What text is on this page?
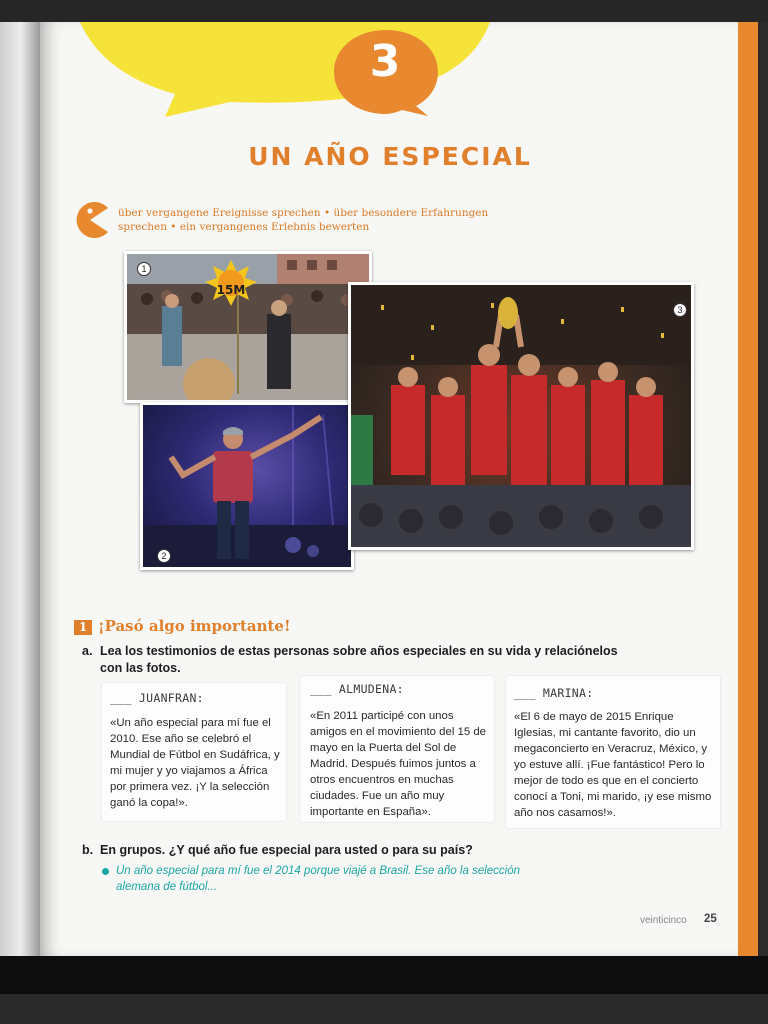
3
UN AÑO ESPECIAL
über vergangene Ereignisse sprechen • über besondere Erfahrungen sprechen • ein vergangenes Erlebnis bewerten
15M
1
2
3
1 ¡Pasó algo importante!
a. Lea los testimonios de estas personas sobre años especiales en su vida y relaciónelos con las fotos.
___ JUANFRAN:
«Un año especial para mí fue el 2010. Ese año se celebró el Mundial de Fútbol en Sudáfrica, y mi mujer y yo viajamos a África por primera vez. ¡Y la selección ganó la copa!».
___ ALMUDENA:
«En 2011 participé con unos amigos en el movimiento del 15 de mayo en la Puerta del Sol de Madrid. Después fuimos juntos a otros encuentros en muchas ciudades. Fue un año muy importante en España».
___ MARINA:
«El 6 de mayo de 2015 Enrique Iglesias, mi cantante favorito, dio un megaconcierto en Veracruz, México, y yo estuve allí. ¡Fue fantástico! Pero lo mejor de todo es que en el concierto conocí a Toni, mi marido, ¡y ese mismo año nos casamos!».
b. En grupos. ¿Y qué año fue especial para usted o para su país?
Un año especial para mí fue el 2014 porque viajé a Brasil. Ese año la selección alemana de fútbol...
veinticinco 25
